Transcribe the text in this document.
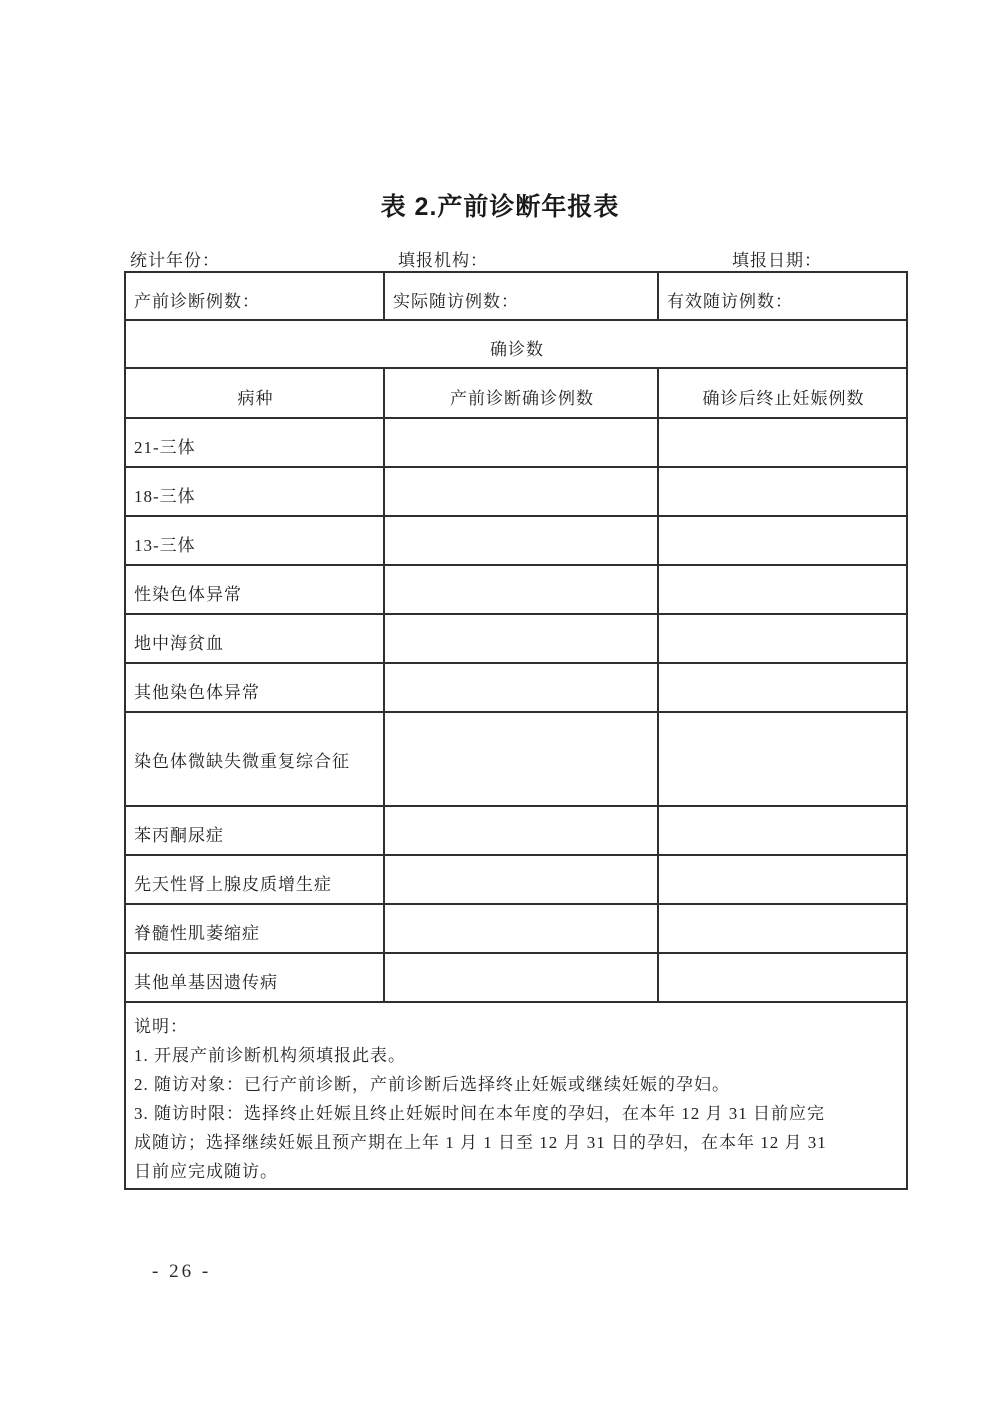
表 2.产前诊断年报表
统计年份：	填报机构：	填报日期：
产前诊断例数：	实际随访例数：	有效随访例数：
确诊数		
病种	产前诊断确诊例数	确诊后终止妊娠例数
21-三体		
18-三体		
13-三体		
性染色体异常		
地中海贫血		
其他染色体异常		
染色体微缺失微重复综合征		
苯丙酮尿症		
先天性肾上腺皮质增生症		
脊髓性肌萎缩症		
其他单基因遗传病		

说明：
1. 开展产前诊断机构须填报此表。
2. 随访对象：已行产前诊断，产前诊断后选择终止妊娠或继续妊娠的孕妇。
3. 随访时限：选择终止妊娠且终止妊娠时间在本年度的孕妇，在本年 12 月 31 日前应完
成随访；选择继续妊娠且预产期在上年 1 月 1 日至 12 月 31 日的孕妇，在本年 12 月 31
日前应完成随访。
- 26 -
